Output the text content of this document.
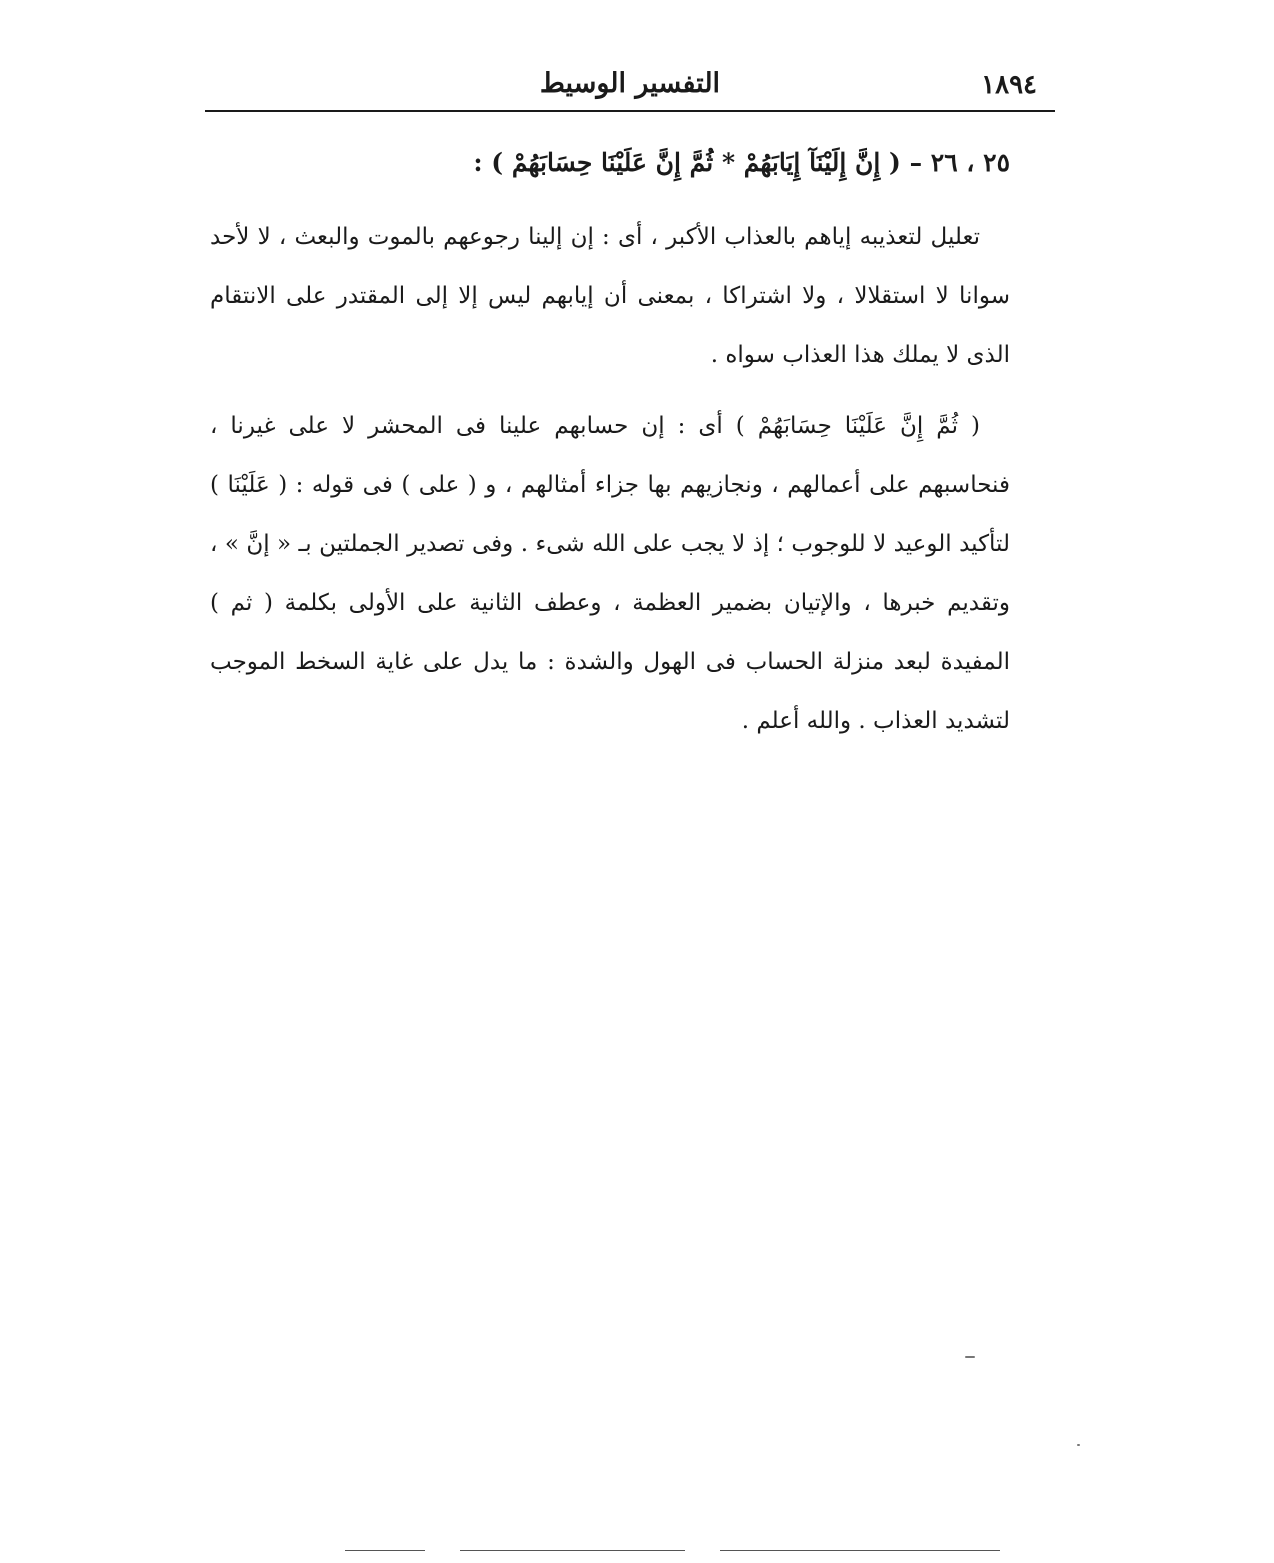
١٨٩٤
التفسير الوسيط

٢٥ ، ٢٦ – ( إِنَّ إِلَيْنَآ إِيَابَهُمْ * ثُمَّ إِنَّ عَلَيْنَا حِسَابَهُمْ ) :

تعليل لتعذيبه إياهم بالعذاب الأكبر ، أى : إن إلينا رجوعهم بالموت والبعث ، لا لأحد سوانا لا استقلالا ، ولا اشتراكا ، بمعنى أن إيابهم ليس إلا إلى المقتدر على الانتقام الذى لا يملك هذا العذاب سواه .

( ثُمَّ إِنَّ عَلَيْنَا حِسَابَهُمْ ) أى : إن حسابهم علينا فى المحشر لا على غيرنا ، فنحاسبهم على أعمالهم ، ونجازيهم بها جزاء أمثالهم ، و ( على ) فى قوله : ( عَلَيْنَا ) لتأكيد الوعيد لا للوجوب ؛ إذ لا يجب على الله شىء . وفى تصدير الجملتين بـ « إنَّ » ، وتقديم خبرها ، والإتيان بضمير العظمة ، وعطف الثانية على الأولى بكلمة ( ثم ) المفيدة لبعد منزلة الحساب فى الهول والشدة : ما يدل على غاية السخط الموجب لتشديد العذاب . والله أعلم .
